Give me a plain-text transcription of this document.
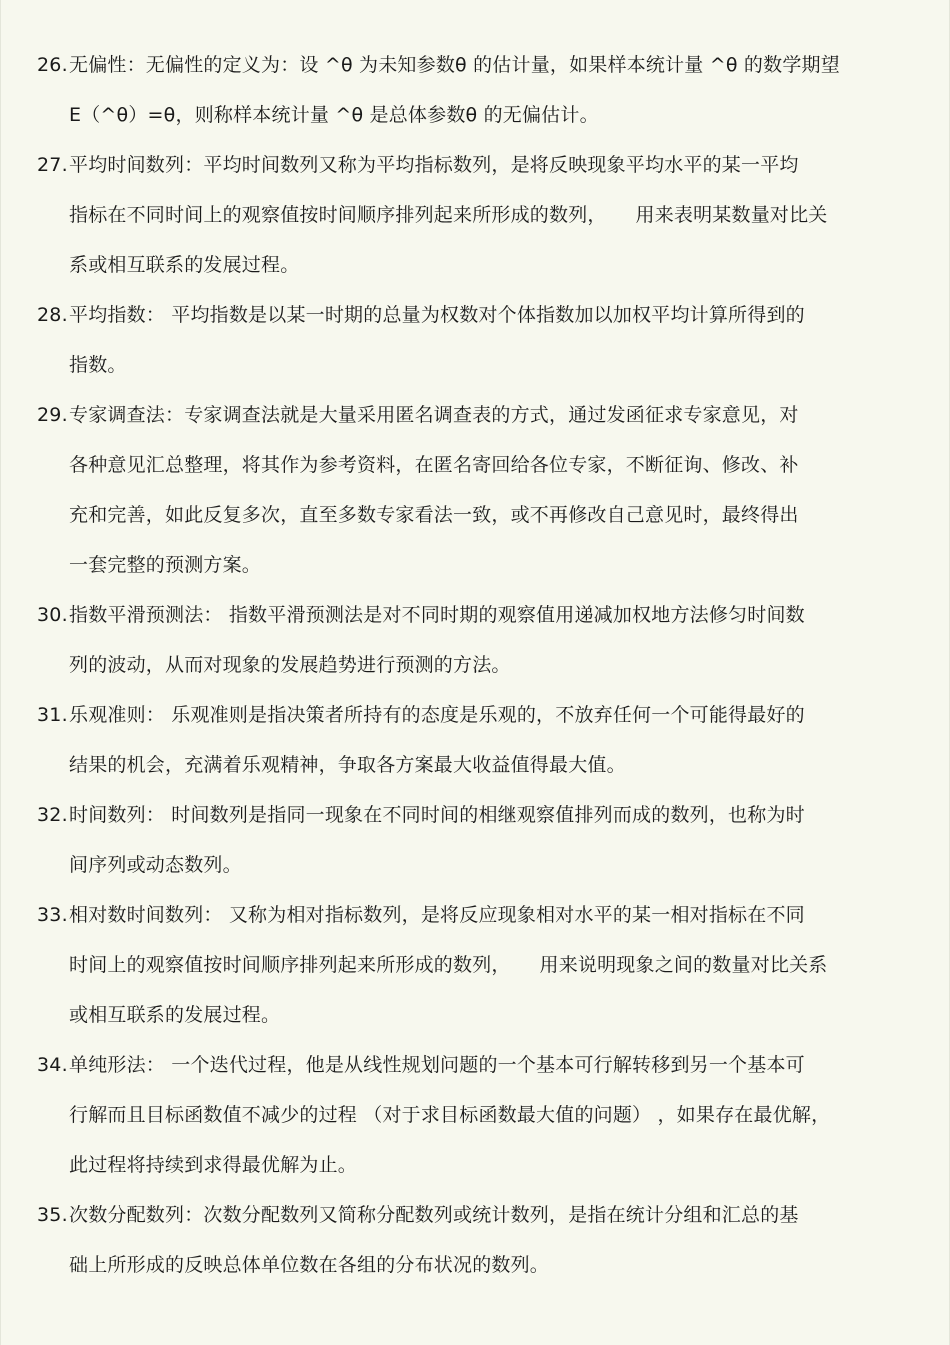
26.无偏性：无偏性的定义为：设 ^θ 为未知参数θ 的估计量，如果样本统计量 ^θ 的数学期望
E（^θ）=θ，则称样本统计量 ^θ 是总体参数θ 的无偏估计。
27.平均时间数列：平均时间数列又称为平均指标数列，是将反映现象平均水平的某一平均
指标在不同时间上的观察值按时间顺序排列起来所形成的数列，　　用来表明某数量对比关
系或相互联系的发展过程。
28.平均指数： 平均指数是以某一时期的总量为权数对个体指数加以加权平均计算所得到的
指数。
29.专家调查法：专家调查法就是大量采用匿名调查表的方式，通过发函征求专家意见，对
各种意见汇总整理，将其作为参考资料，在匿名寄回给各位专家，不断征询、修改、补
充和完善，如此反复多次，直至多数专家看法一致，或不再修改自己意见时，最终得出
一套完整的预测方案。
30.指数平滑预测法： 指数平滑预测法是对不同时期的观察值用递减加权地方法修匀时间数
列的波动，从而对现象的发展趋势进行预测的方法。
31.乐观准则： 乐观准则是指决策者所持有的态度是乐观的，不放弃任何一个可能得最好的
结果的机会，充满着乐观精神，争取各方案最大收益值得最大值。
32.时间数列： 时间数列是指同一现象在不同时间的相继观察值排列而成的数列，也称为时
间序列或动态数列。
33.相对数时间数列： 又称为相对指标数列，是将反应现象相对水平的某一相对指标在不同
时间上的观察值按时间顺序排列起来所形成的数列，　　用来说明现象之间的数量对比关系
或相互联系的发展过程。
34.单纯形法： 一个迭代过程，他是从线性规划问题的一个基本可行解转移到另一个基本可
行解而且目标函数值不减少的过程 （对于求目标函数最大值的问题） ，如果存在最优解，
此过程将持续到求得最优解为止。
35.次数分配数列：次数分配数列又简称分配数列或统计数列，是指在统计分组和汇总的基
础上所形成的反映总体单位数在各组的分布状况的数列。
